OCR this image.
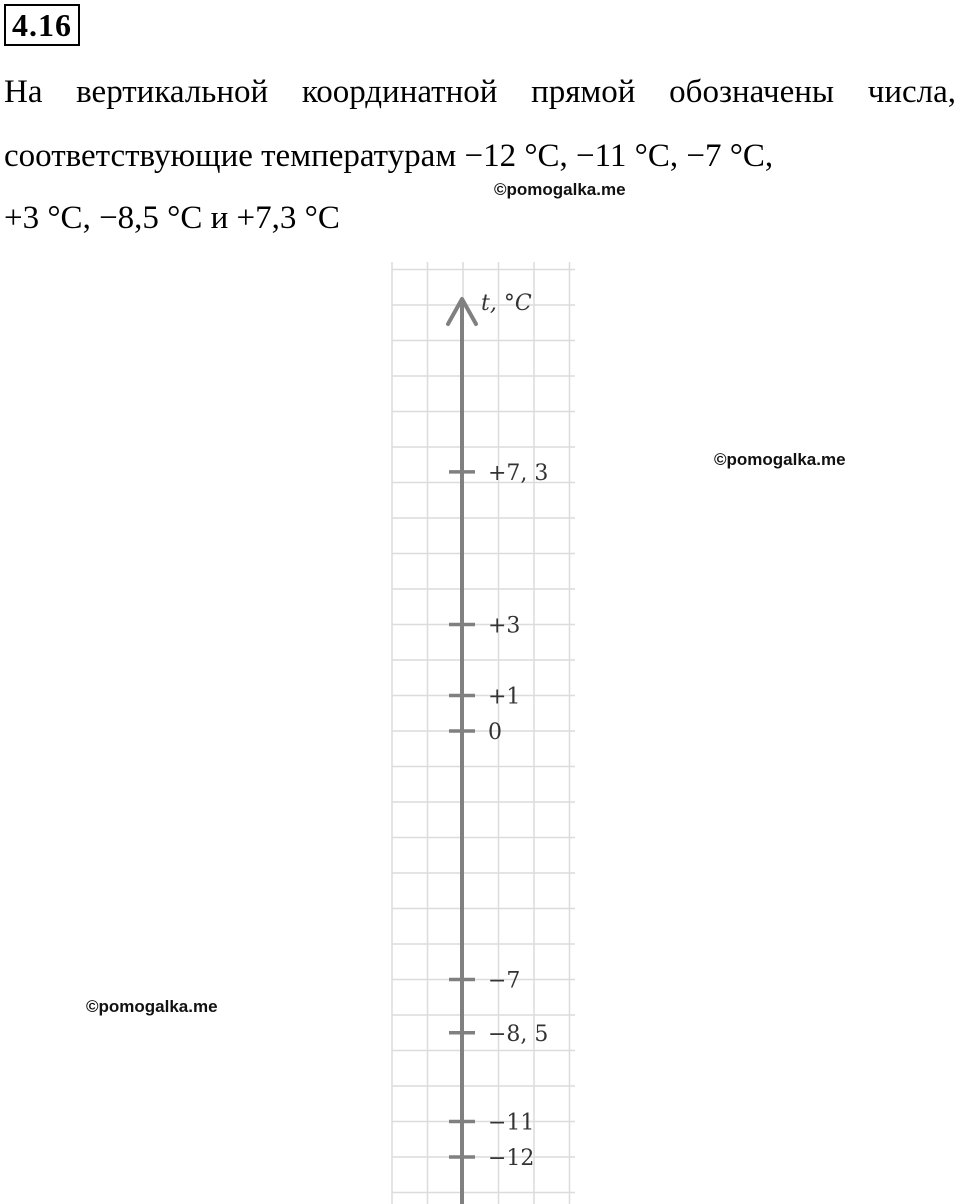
4.16
На вертикальной координатной прямой обозначены числа,
соответствующие температурам −12 °C, −11 °C, −7 °C,
+3 °C, −8,5 °C и +7,3 °C
©pomogalka.me
©pomogalka.me
©pomogalka.me
t, °C
+7, 3
+3
+1
0
−7
−8, 5
−11
−12
